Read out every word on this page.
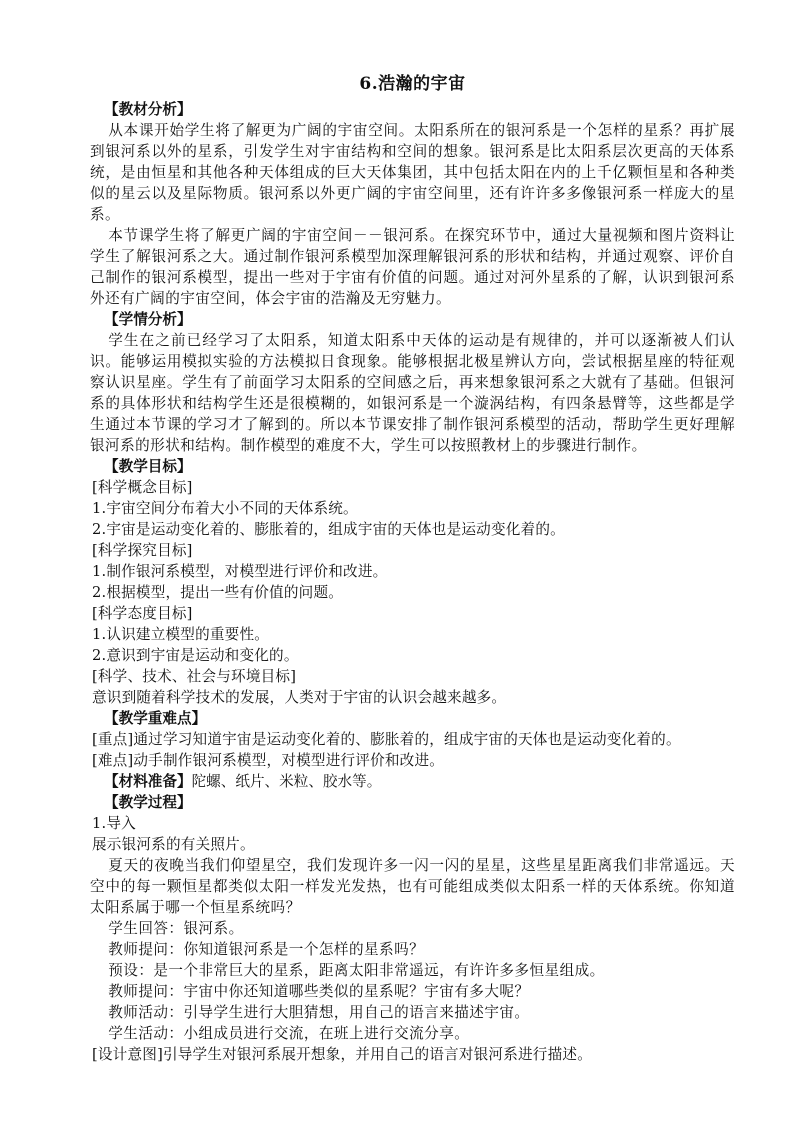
6.浩瀚的宇宙
【教材分析】
从本课开始学生将了解更为广阔的宇宙空间。太阳系所在的银河系是一个怎样的星系？再扩展到银河系以外的星系，引发学生对宇宙结构和空间的想象。银河系是比太阳系层次更高的天体系统，是由恒星和其他各种天体组成的巨大天体集团，其中包括太阳在内的上千亿颗恒星和各种类似的星云以及星际物质。银河系以外更广阔的宇宙空间里，还有许许多多像银河系一样庞大的星系。
本节课学生将了解更广阔的宇宙空间－－银河系。在探究环节中，通过大量视频和图片资料让学生了解银河系之大。通过制作银河系模型加深理解银河系的形状和结构，并通过观察、评价自己制作的银河系模型，提出一些对于宇宙有价值的问题。通过对河外星系的了解，认识到银河系外还有广阔的宇宙空间，体会宇宙的浩瀚及无穷魅力。
【学情分析】
学生在之前已经学习了太阳系，知道太阳系中天体的运动是有规律的，并可以逐渐被人们认识。能够运用模拟实验的方法模拟日食现象。能够根据北极星辨认方向，尝试根据星座的特征观察认识星座。学生有了前面学习太阳系的空间感之后，再来想象银河系之大就有了基础。但银河系的具体形状和结构学生还是很模糊的，如银河系是一个漩涡结构，有四条悬臂等，这些都是学生通过本节课的学习才了解到的。所以本节课安排了制作银河系模型的活动，帮助学生更好理解银河系的形状和结构。制作模型的难度不大，学生可以按照教材上的步骤进行制作。
【教学目标】
[科学概念目标]
1.宇宙空间分布着大小不同的天体系统。
2.宇宙是运动变化着的、膨胀着的，组成宇宙的天体也是运动变化着的。
[科学探究目标]
1.制作银河系模型，对模型进行评价和改进。
2.根据模型，提出一些有价值的问题。
[科学态度目标]
1.认识建立模型的重要性。
2.意识到宇宙是运动和变化的。
[科学、技术、社会与环境目标]
意识到随着科学技术的发展，人类对于宇宙的认识会越来越多。
【教学重难点】
[重点]通过学习知道宇宙是运动变化着的、膨胀着的，组成宇宙的天体也是运动变化着的。
[难点]动手制作银河系模型，对模型进行评价和改进。
【材料准备】陀螺、纸片、米粒、胶水等。
【教学过程】
1.导入
展示银河系的有关照片。
夏天的夜晚当我们仰望星空，我们发现许多一闪一闪的星星，这些星星距离我们非常遥远。天空中的每一颗恒星都类似太阳一样发光发热，也有可能组成类似太阳系一样的天体系统。你知道太阳系属于哪一个恒星系统吗？
学生回答：银河系。
教师提问：你知道银河系是一个怎样的星系吗？
预设：是一个非常巨大的星系，距离太阳非常遥远，有许许多多恒星组成。
教师提问：宇宙中你还知道哪些类似的星系呢？宇宙有多大呢？
教师活动：引导学生进行大胆猜想，用自己的语言来描述宇宙。
学生活动：小组成员进行交流，在班上进行交流分享。
[设计意图]引导学生对银河系展开想象，并用自己的语言对银河系进行描述。
